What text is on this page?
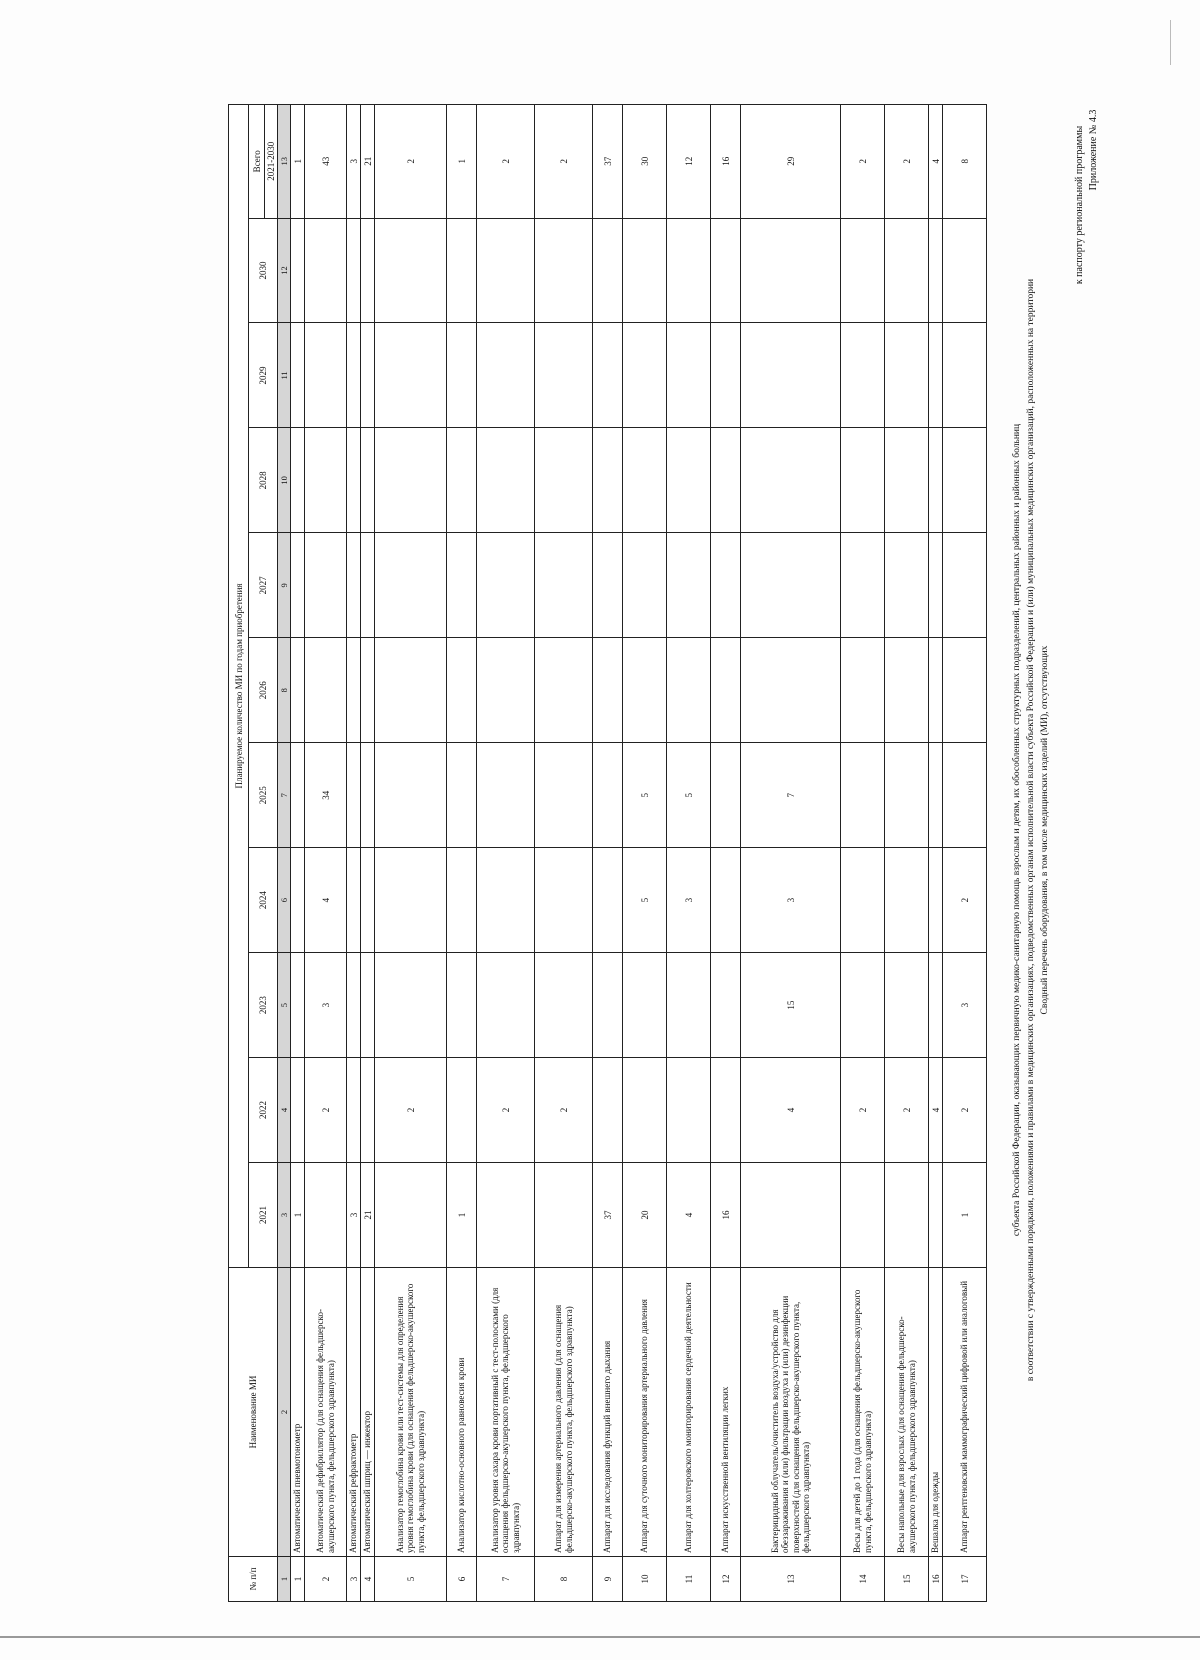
Приложение № 4.3
к паспорту региональной программы
Сводный перечень оборудования, в том числе медицинских изделий (МИ), отсутствующих
в соответствии с утвержденными порядками, положениями и правилами в медицинских организациях, подведомственных органам исполнительной власти субъекта Российской Федерации и (или) муниципальных медицинских организаций, расположенных на территории
субъекта Российской Федерации, оказывающих первичную медико-санитарную помощь взрослым и детям, их обособленных структурных подразделений, центральных районных и районных больниц
№ п/п	Наименование МИ	Планируемое количество МИ по годам приобретения										
		2021	2022	2023	2024	2025	2026	2027	2028	2029	2030	Всего
												2021-2030
1	2	3	4	5	6	7	8	9	10	11	12	13
1	Автоматический пневмотонометр	1										1
2	Автоматический дефибриллятор (для оснащения фельдшерско-акушерского пункта, фельдшерского здравпункта)		2	3	4	34						43
3	Автоматический рефрактометр	3										3
4	Автоматический шприц — инжектор	21										21
5	Анализатор гемоглобина крови или тест-системы для определения уровня гемоглобина крови (для оснащения фельдшерско-акушерского пункта, фельдшерского здравпункта)		2									2
6	Анализатор кислотно-основного равновесия крови	1										1
7	Анализатор уровня сахара крови портативный с тест-полосками (для оснащения фельдшерско-акушерского пункта, фельдшерского здравпункта)		2									2
8	Аппарат для измерения артериального давления (для оснащения фельдшерско-акушерского пункта, фельдшерского здравпункта)		2									2
9	Аппарат для исследования функций внешнего дыхания	37										37
10	Аппарат для суточного мониторирования артериального давления	20			5	5						30
11	Аппарат для холтеровского мониторирования сердечной деятельности	4			3	5						12
12	Аппарат искусственной вентиляции легких	16										16
13	Бактерицидный облучатель/очиститель воздуха/устройство для обеззараживания и (или) фильтрации воздуха и (или) дезинфекции поверхностей (для оснащения фельдшерско-акушерского пункта, фельдшерского здравпункта)		4	15	3	7						29
14	Весы для детей до 1 года (для оснащения фельдшерско-акушерского пункта, фельдшерского здравпункта)		2									2
15	Весы напольные для взрослых (для оснащения фельдшерско-акушерского пункта, фельдшерского здравпункта)		2									2
16	Вешалка для одежды		4									4
17	Аппарат рентгеновский маммографический цифровой или аналоговый	1	2	3	2							8
